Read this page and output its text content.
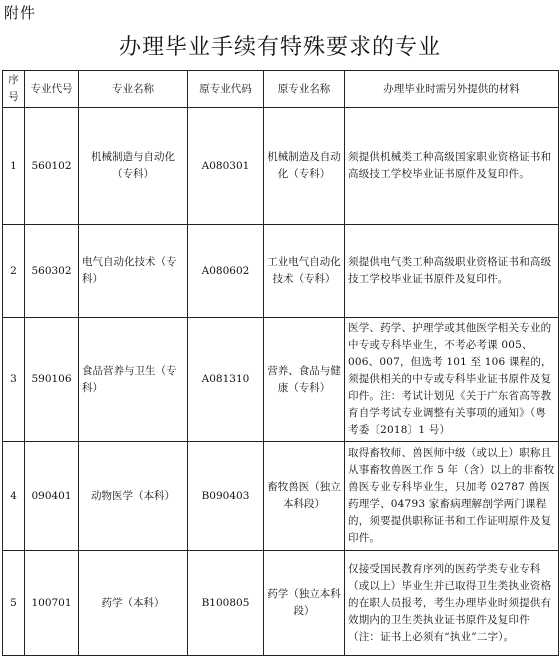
附件
办理毕业手续有特殊要求的专业
序号	专业代号	专业名称	原专业代码	原专业名称	办理毕业时需另外提供的材料
1	560102	机械制造与自动化（专科）	A080301	机械制造及自动化（专科）	须提供机械类工种高级国家职业资格证书和高级技工学校毕业证书原件及复印件。
2	560302	电气自动化技术（专科）	A080602	工业电气自动化技术（专科）	须提供电气类工种高级职业资格证书和高级技工学校毕业证书原件及复印件。
3	590106	食品营养与卫生（专科）	A081310	营养、食品与健康（专科）	医学、药学、护理学或其他医学相关专业的中专或专科毕业生，不考必考课 005、006、007，但选考 101 至 106 课程的，须提供相关的中专或专科毕业证书原件及复印件。注：考试计划见《关于广东省高等教育自学考试专业调整有关事项的通知》（粤考委〔2018〕1 号）
4	090401	动物医学（本科）	B090403	畜牧兽医（独立本科段）	取得畜牧师、兽医师中级（或以上）职称且从事畜牧兽医工作 5 年（含）以上的非畜牧兽医专业专科毕业生，只加考 02787 兽医药理学、04793 家畜病理解剖学两门课程的，须要提供职称证书和工作证明原件及复印件。
5	100701	药学（本科）	B100805	药学（独立本科段）	仅接受国民教育序列的医药学类专业专科（或以上）毕业生并已取得卫生类执业资格的在职人员报考，考生办理毕业时须提供有效期内的卫生类执业证书原件及复印件（注：证书上必须有“执业”二字）。
